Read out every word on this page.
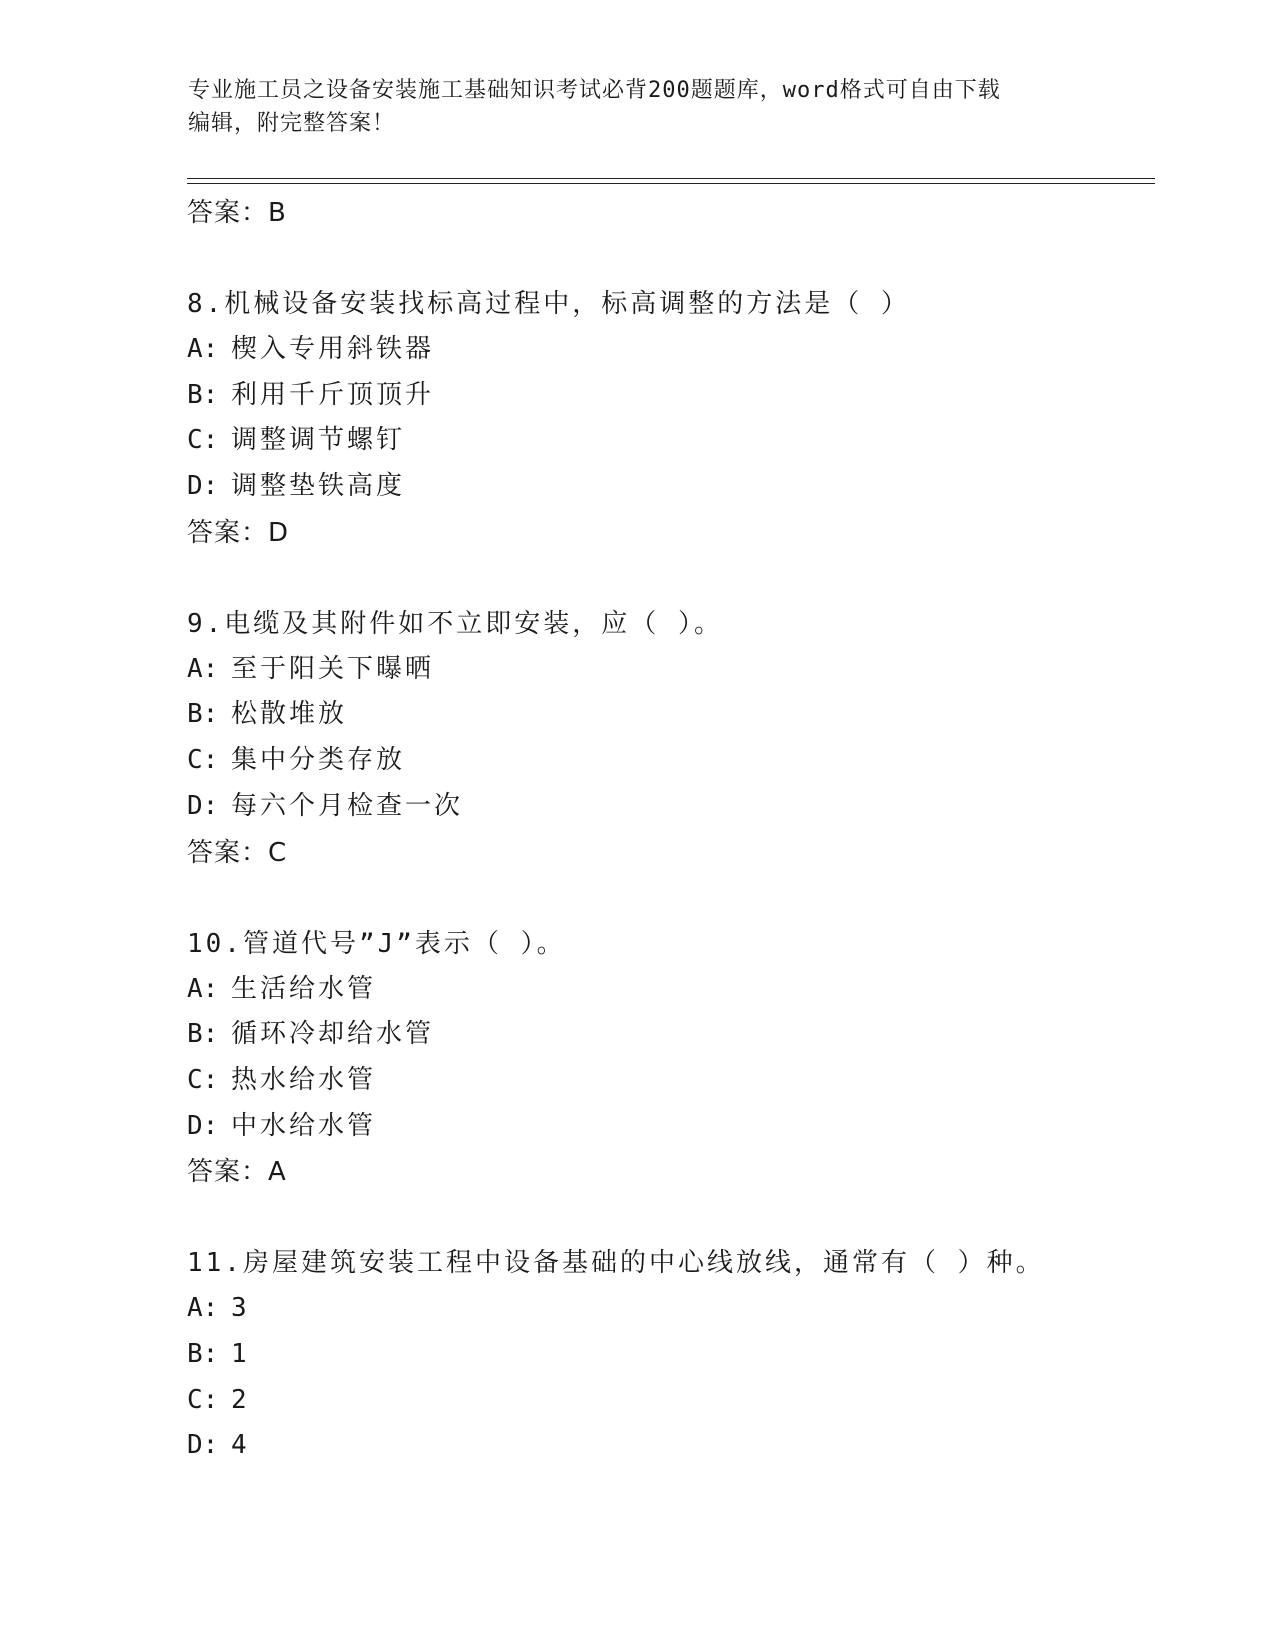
专业施工员之设备安装施工基础知识考试必背200题题库，word格式可自由下载
编辑，附完整答案！
答案：B
8.机械设备安装找标高过程中，标高调整的方法是（ ）
A: 楔入专用斜铁器
B: 利用千斤顶顶升
C: 调整调节螺钉
D: 调整垫铁高度
答案：D
9.电缆及其附件如不立即安装，应（ ）。
A: 至于阳关下曝晒
B: 松散堆放
C: 集中分类存放
D: 每六个月检查一次
答案：C
10.管道代号”J”表示（ ）。
A: 生活给水管
B: 循环冷却给水管
C: 热水给水管
D: 中水给水管
答案：A
11.房屋建筑安装工程中设备基础的中心线放线，通常有（ ）种。
A: 3
B: 1
C: 2
D: 4
